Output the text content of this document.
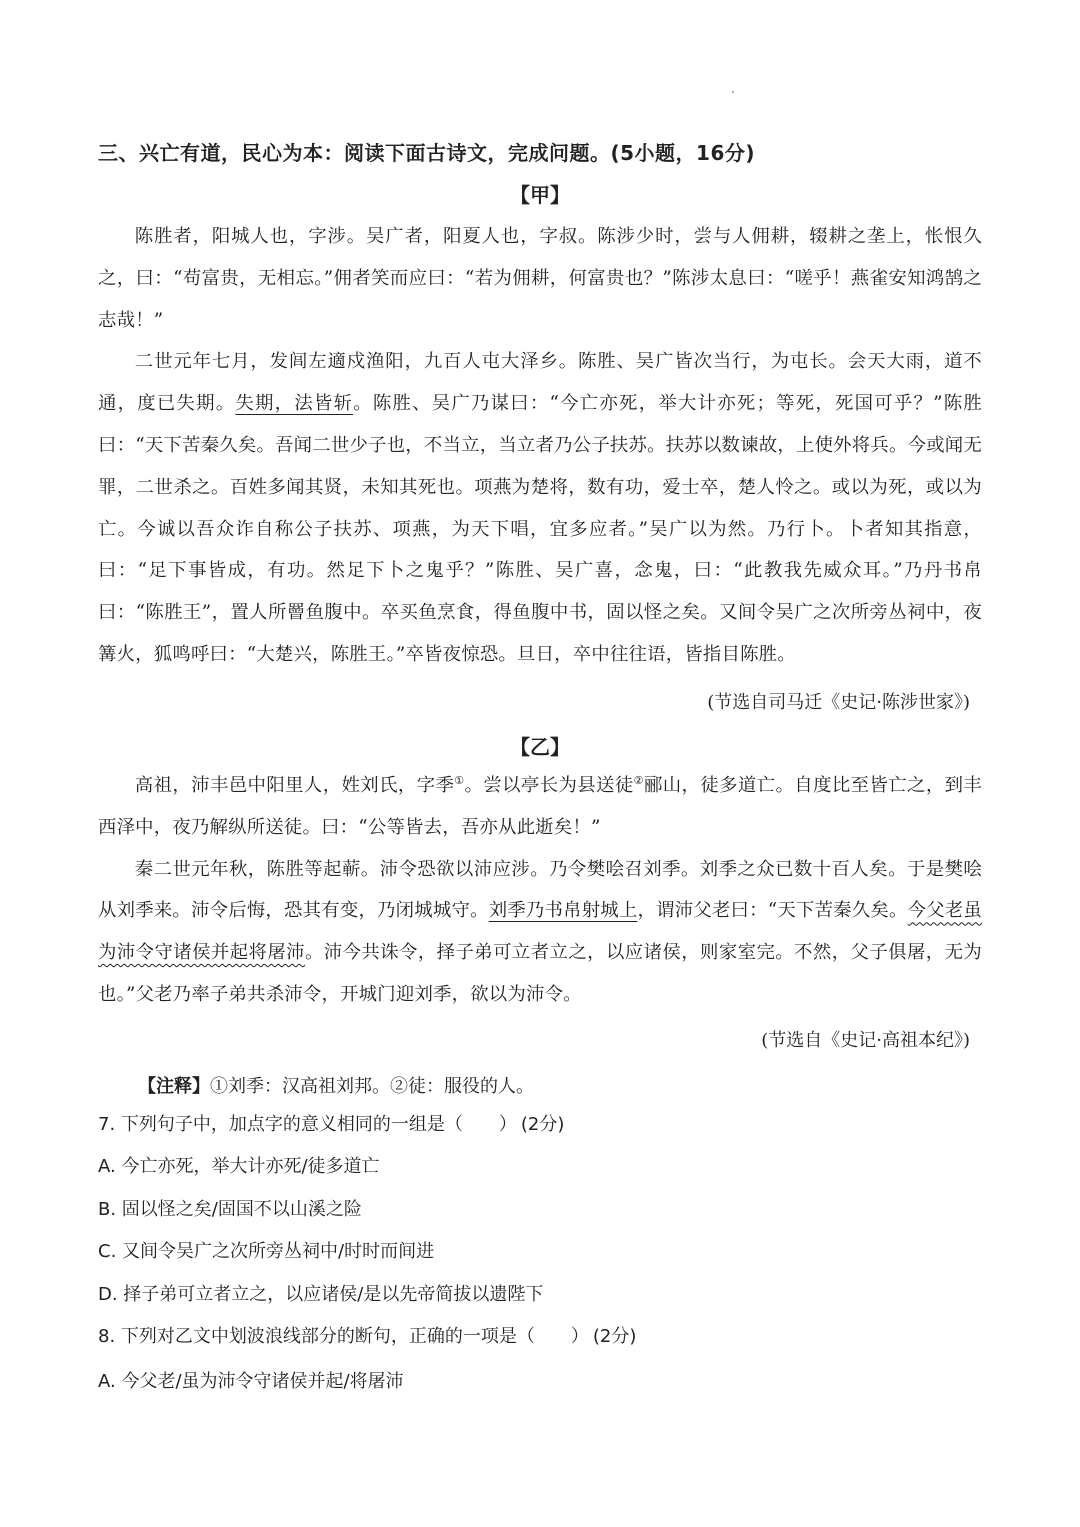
三、兴亡有道，民心为本：阅读下面古诗文，完成问题。(5小题，16分)
【甲】

陈胜者，阳城人也，字涉。吴广者，阳夏人也，字叔。陈涉少时，尝与人佣耕，辍耕之垄上，怅恨久之，曰：“苟富贵，无相忘。”佣者笑而应曰：“若为佣耕，何富贵也？”陈涉太息曰：“嗟乎！燕雀安知鸿鹄之志哉！”

二世元年七月，发闾左適戍渔阳，九百人屯大泽乡。陈胜、吴广皆次当行，为屯长。会天大雨，道不通，度已失期。失期，法皆斩。陈胜、吴广乃谋曰：“今亡亦死，举大计亦死；等死，死国可乎？”陈胜曰：“天下苦秦久矣。吾闻二世少子也，不当立，当立者乃公子扶苏。扶苏以数谏故，上使外将兵。今或闻无罪，二世杀之。百姓多闻其贤，未知其死也。项燕为楚将，数有功，爱士卒，楚人怜之。或以为死，或以为亡。今诚以吾众诈自称公子扶苏、项燕，为天下唱，宜多应者。”吴广以为然。乃行卜。卜者知其指意，曰：“足下事皆成，有功。然足下卜之鬼乎？”陈胜、吴广喜，念鬼，曰：“此教我先威众耳。”乃丹书帛曰：“陈胜王”，置人所罾鱼腹中。卒买鱼烹食，得鱼腹中书，固以怪之矣。又间令吴广之次所旁丛祠中，夜篝火，狐鸣呼曰：“大楚兴，陈胜王。”卒皆夜惊恐。旦日，卒中往往语，皆指目陈胜。

(节选自司马迁《史记·陈涉世家》)
【乙】

高祖，沛丰邑中阳里人，姓刘氏，字季①。尝以亭长为县送徒②郦山，徒多道亡。自度比至皆亡之，到丰西泽中，夜乃解纵所送徒。曰：“公等皆去，吾亦从此逝矣！”

秦二世元年秋，陈胜等起蕲。沛令恐欲以沛应涉。乃令樊哙召刘季。刘季之众已数十百人矣。于是樊哙从刘季来。沛令后悔，恐其有变，乃闭城城守。刘季乃书帛射城上，谓沛父老曰：“天下苦秦久矣。今父老虽为沛令守诸侯并起将屠沛。沛今共诛令，择子弟可立者立之，以应诸侯，则家室完。不然，父子俱屠，无为也。”父老乃率子弟共杀沛令，开城门迎刘季，欲以为沛令。

(节选自《史记·高祖本纪》)
【注释】①刘季：汉高祖刘邦。②徒：服役的人。
7. 下列句子中，加点字的意义相同的一组是（　　） (2分)
A. 今亡亦死，举大计亦死/徒多道亡
B. 固以怪之矣/固国不以山溪之险
C. 又间令吴广之次所旁丛祠中/时时而间进
D. 择子弟可立者立之，以应诸侯/是以先帝简拔以遗陛下
8. 下列对乙文中划波浪线部分的断句，正确的一项是（　　） (2分)
A. 今父老/虽为沛令守诸侯并起/将屠沛
